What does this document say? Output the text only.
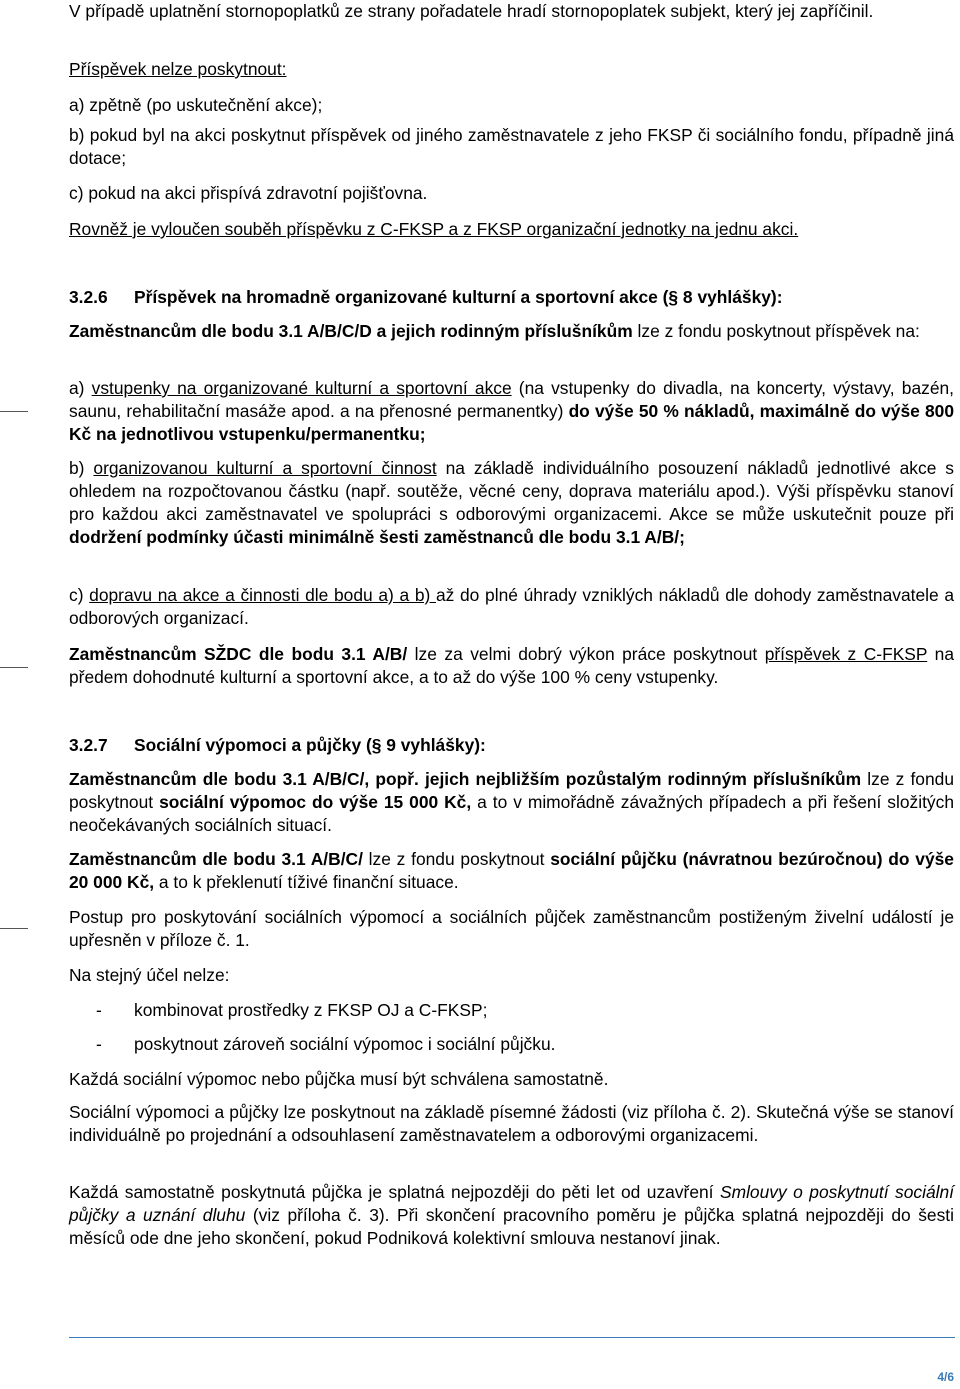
V případě uplatnění stornopoplatků ze strany pořadatele hradí stornopoplatek subjekt, který jej zapříčinil.

Příspěvek nelze poskytnout:

a) zpětně (po uskutečnění akce);

b) pokud byl na akci poskytnut příspěvek od jiného zaměstnavatele z jeho FKSP či sociálního fondu, případně jiná dotace;

c) pokud na akci přispívá zdravotní pojišťovna.

Rovněž je vyloučen souběh příspěvku z C-FKSP a z FKSP organizační jednotky na jednu akci.

3.2.6 Příspěvek na hromadně organizované kulturní a sportovní akce (§ 8 vyhlášky):

Zaměstnancům dle bodu 3.1 A/B/C/D a jejich rodinným příslušníkům lze z fondu poskytnout příspěvek na:

a) vstupenky na organizované kulturní a sportovní akce (na vstupenky do divadla, na koncerty, výstavy, bazén, saunu, rehabilitační masáže apod. a na přenosné permanentky) do výše 50 % nákladů, maximálně do výše 800 Kč na jednotlivou vstupenku/permanentku;

b) organizovanou kulturní a sportovní činnost na základě individuálního posouzení nákladů jednotlivé akce s ohledem na rozpočtovanou částku (např. soutěže, věcné ceny, doprava materiálu apod.). Výši příspěvku stanoví pro každou akci zaměstnavatel ve spolupráci s odborovými organizacemi. Akce se může uskutečnit pouze při dodržení podmínky účasti minimálně šesti zaměstnanců dle bodu 3.1 A/B/;

c) dopravu na akce a činnosti dle bodu a) a b) až do plné úhrady vzniklých nákladů dle dohody zaměstnavatele a odborových organizací.

Zaměstnancům SŽDC dle bodu 3.1 A/B/ lze za velmi dobrý výkon práce poskytnout příspěvek z C-FKSP na předem dohodnuté kulturní a sportovní akce, a to až do výše 100 % ceny vstupenky.

3.2.7 Sociální výpomoci a půjčky (§ 9 vyhlášky):

Zaměstnancům dle bodu 3.1 A/B/C/, popř. jejich nejbližším pozůstalým rodinným příslušníkům lze z fondu poskytnout sociální výpomoc do výše 15 000 Kč, a to v mimořádně závažných případech a při řešení složitých neočekávaných sociálních situací.

Zaměstnancům dle bodu 3.1 A/B/C/ lze z fondu poskytnout sociální půjčku (návratnou bezúročnou) do výše 20 000 Kč, a to k překlenutí tíživé finanční situace.

Postup pro poskytování sociálních výpomocí a sociálních půjček zaměstnancům postiženým živelní událostí je upřesněn v příloze č. 1.

Na stejný účel nelze:

- kombinovat prostředky z FKSP OJ a C-FKSP;
- poskytnout zároveň sociální výpomoc i sociální půjčku.

Každá sociální výpomoc nebo půjčka musí být schválena samostatně.

Sociální výpomoci a půjčky lze poskytnout na základě písemné žádosti (viz příloha č. 2). Skutečná výše se stanoví individuálně po projednání a odsouhlasení zaměstnavatelem a odborovými organizacemi.

Každá samostatně poskytnutá půjčka je splatná nejpozději do pěti let od uzavření Smlouvy o poskytnutí sociální půjčky a uznání dluhu (viz příloha č. 3). Při skončení pracovního poměru je půjčka splatná nejpozději do šesti měsíců ode dne jeho skončení, pokud Podniková kolektivní smlouva nestanoví jinak.

4/6
